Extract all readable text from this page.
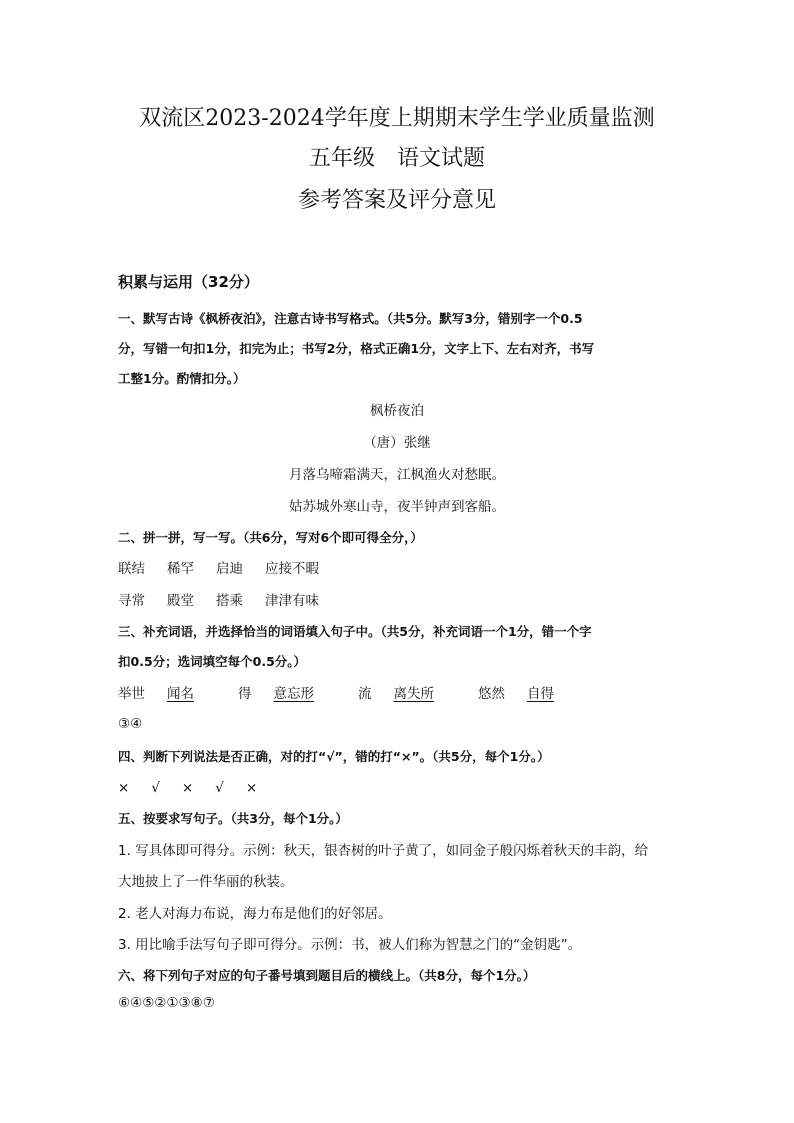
双流区2023-2024学年度上期期末学生学业质量监测
五年级　语文试题
参考答案及评分意见
积累与运用（32分）
一、默写古诗《枫桥夜泊》，注意古诗书写格式。（共5分。默写3分，错别字一个0.5
分，写错一句扣1分，扣完为止；书写2分，格式正确1分，文字上下、左右对齐，书写
工整1分。酌情扣分。）
枫桥夜泊
（唐）张继
月落乌啼霜满天，江枫渔火对愁眠。
姑苏城外寒山寺，夜半钟声到客船。
二、拼一拼，写一写。（共6分，写对6个即可得全分，）
联结 稀罕 启迪 应接不暇
寻常 殿堂 搭乘 津津有味
三、补充词语，并选择恰当的词语填入句子中。（共5分，补充词语一个1分，错一个字
扣0.5分；选词填空每个0.5分。）
举世 闻名	得 意忘形	流 离失所	悠然 自得
③④
四、判断下列说法是否正确，对的打“√”，错的打“×”。（共5分，每个1分。）
× √ × √ ×
五、按要求写句子。（共3分，每个1分。）
1. 写具体即可得分。示例：秋天，银杏树的叶子黄了，如同金子般闪烁着秋天的丰韵，给
大地披上了一件华丽的秋装。
2. 老人对海力布说，海力布是他们的好邻居。
3. 用比喻手法写句子即可得分。示例：书，被人们称为智慧之门的“金钥匙”。
六、将下列句子对应的句子番号填到题目后的横线上。（共8分，每个1分。）
⑥④⑤②①③⑧⑦
